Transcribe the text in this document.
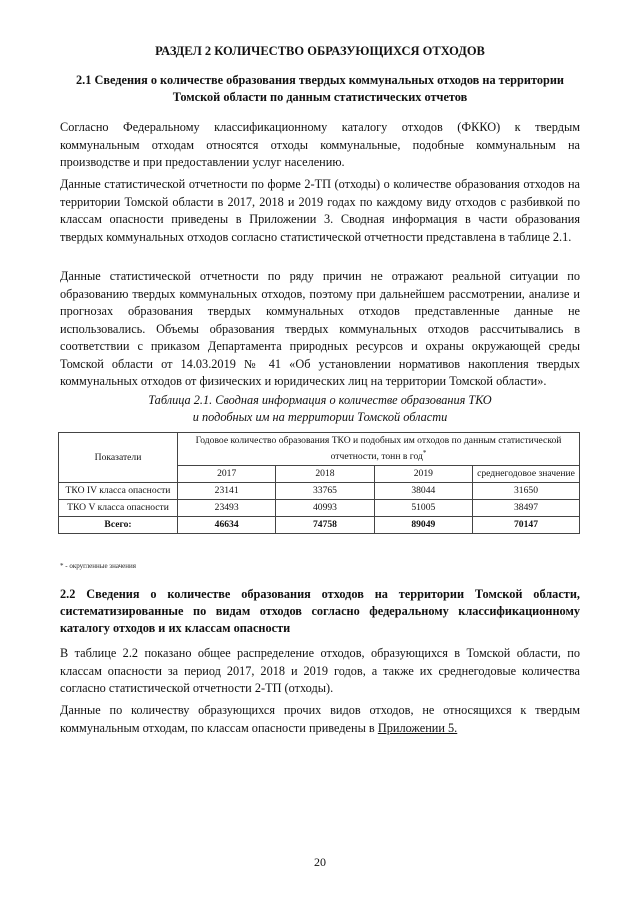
РАЗДЕЛ 2 КОЛИЧЕСТВО ОБРАЗУЮЩИХСЯ ОТХОДОВ
2.1 Сведения о количестве образования твердых коммунальных отходов на территории Томской области по данным статистических отчетов
Согласно Федеральному классификационному каталогу отходов (ФККО) к твердым коммунальным отходам относятся отходы коммунальные, подобные коммунальным на производстве и при предоставлении услуг населению.
Данные статистической отчетности по форме 2-ТП (отходы) о количестве образования отходов на территории Томской области в 2017, 2018 и 2019 годах по каждому виду отходов с разбивкой по классам опасности приведены в Приложении 3. Сводная информация в части образования твердых коммунальных отходов согласно статистической отчетности представлена в таблице 2.1.
Данные статистической отчетности по ряду причин не отражают реальной ситуации по образованию твердых коммунальных отходов, поэтому при дальнейшем рассмотрении, анализе и прогнозах образования твердых коммунальных отходов представленные данные не использовались. Объемы образования твердых коммунальных отходов рассчитывались в соответствии с приказом Департамента природных ресурсов и охраны окружающей среды Томской области от 14.03.2019 № 41 «Об установлении нормативов накопления твердых коммунальных отходов от физических и юридических лиц на территории Томской области».
Таблица 2.1. Сводная информация о количестве образования ТКО
и подобных им на территории Томской области
Показатели	Годовое количество образования ТКО и подобных им отходов по данным статистической отчетности, тонн в год*
	2017	2018	2019	среднегодовое значение
ТКО IV класса опасности	23141	33765	38044	31650
ТКО V класса опасности	23493	40993	51005	38497
Всего:	46634	74758	89049	70147
* - округленные значения
2.2 Сведения о количестве образования отходов на территории Томской области, систематизированные по видам отходов согласно федеральному классификационному каталогу отходов и их классам опасности
В таблице 2.2 показано общее распределение отходов, образующихся в Томской области, по классам опасности за период 2017, 2018 и 2019 годов, а также их среднегодовые количества согласно статистической отчетности 2-ТП (отходы).
Данные по количеству образующихся прочих видов отходов, не относящихся к твердым коммунальным отходам, по классам опасности приведены в Приложении 5.
20
